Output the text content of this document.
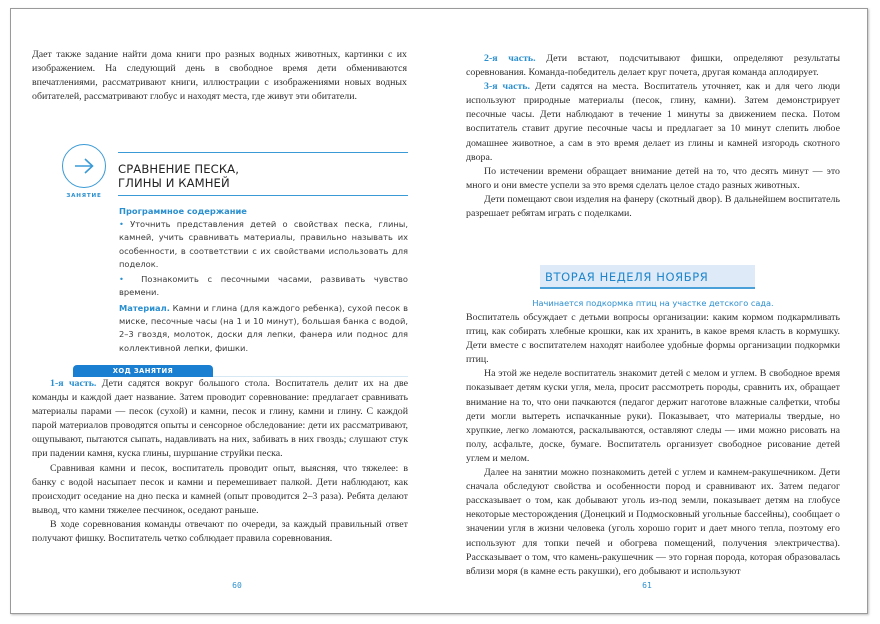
Дает также задание найти дома книги про разных водных животных, картинки с их изображением. На следующий день в свободное время дети обмениваются впечатлениями, рассматривают книги, иллюстрации с изображениями новых водных обитателей, рассматривают глобус и находят места, где живут эти обитатели.

ЗАНЯТИЕ
СРАВНЕНИЕ ПЕСКА,
ГЛИНЫ И КАМНЕЙ
Программное содержание
• Уточнить представления детей о свойствах песка, глины, камней, учить сравнивать материалы, правильно называть их особенности, в соответствии с их свойствами использовать для поделок.
• Познакомить с песочными часами, развивать чувство времени.
Материал. Камни и глина (для каждого ребенка), сухой песок в миске, песочные часы (на 1 и 10 минут), большая банка с водой, 2–3 гвоздя, молоток, доски для лепки, фанера или поднос для коллективной лепки, фишки.
ХОД ЗАНЯТИЯ

1-я часть. Дети садятся вокруг большого стола. Воспитатель делит их на две команды и каждой дает название. Затем проводит соревнование: предлагает сравнивать материалы парами — песок (сухой) и камни, песок и глину, камни и глину. С каждой парой материалов проводятся опыты и сенсорное обследование: дети их рассматривают, ощупывают, пытаются сыпать, надавливать на них, забивать в них гвоздь; слушают стук при падении камня, куска глины, шуршание струйки песка.

Сравнивая камни и песок, воспитатель проводит опыт, выясняя, что тяжелее: в банку с водой насыпает песок и камни и перемешивает палкой. Дети наблюдают, как происходит оседание на дно песка и камней (опыт проводится 2–3 раза). Ребята делают вывод, что камни тяжелее песчинок, оседают раньше.

В ходе соревнования команды отвечают по очереди, за каждый правильный ответ получают фишку. Воспитатель четко соблюдает правила соревнования.

60

2-я часть. Дети встают, подсчитывают фишки, определяют результаты соревнования. Команда-победитель делает круг почета, другая команда аплодирует.

3-я часть. Дети садятся на места. Воспитатель уточняет, как и для чего люди используют природные материалы (песок, глину, камни). Затем демонстрирует песочные часы. Дети наблюдают в течение 1 минуты за движением песка. Потом воспитатель ставит другие песочные часы и предлагает за 10 минут слепить любое домашнее животное, а сам в это время делает из глины и камней изгородь скотного двора.

По истечении времени обращает внимание детей на то, что десять минут — это много и они вместе успели за это время сделать целое стадо разных животных.

Дети помещают свои изделия на фанеру (скотный двор). В дальнейшем воспитатель разрешает ребятам играть с поделками.

ВТОРАЯ НЕДЕЛЯ НОЯБРЯ
Начинается подкормка птиц на участке детского сада.

Воспитатель обсуждает с детьми вопросы организации: каким кормом подкармливать птиц, как собирать хлебные крошки, как их хранить, в какое время класть в кормушку. Дети вместе с воспитателем находят наиболее удобные формы организации подкормки птиц.

На этой же неделе воспитатель знакомит детей с мелом и углем. В свободное время показывает детям куски угля, мела, просит рассмотреть породы, сравнить их, обращает внимание на то, что они пачкаются (педагог держит наготове влажные салфетки, чтобы дети могли вытереть испачканные руки). Показывает, что материалы твердые, но хрупкие, легко ломаются, раскалываются, оставляют следы — ими можно рисовать на полу, асфальте, доске, бумаге. Воспитатель организует свободное рисование детей углем и мелом.

Далее на занятии можно познакомить детей с углем и камнем-ракушечником. Дети сначала обследуют свойства и особенности пород и сравнивают их. Затем педагог рассказывает о том, как добывают уголь из-под земли, показывает детям на глобусе некоторые месторождения (Донецкий и Подмосковный угольные бассейны), сообщает о значении угля в жизни человека (уголь хорошо горит и дает много тепла, поэтому его используют для топки печей и обогрева помещений, получения электричества). Рассказывает о том, что камень-ракушечник — это горная порода, которая образовалась вблизи моря (в камне есть ракушки), его добывают и используют

61
